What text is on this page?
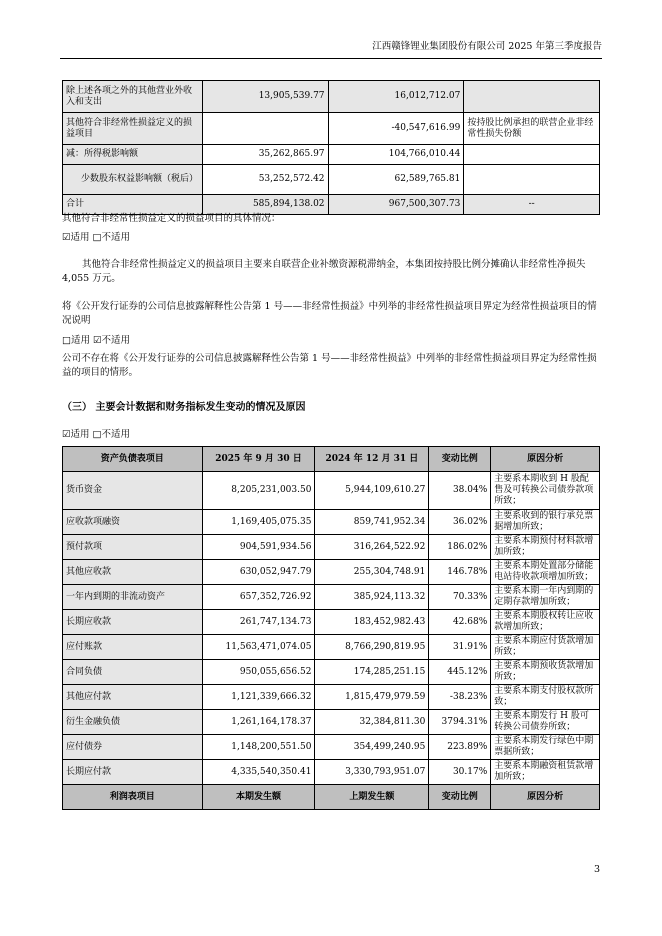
江西赣锋锂业集团股份有限公司 2025 年第三季度报告
除上述各项之外的其他营业外收入和支出	13,905,539.77	16,012,712.07	
其他符合非经常性损益定义的损益项目		-40,547,616.99	按持股比例承担的联营企业非经常性损失份额
减：所得税影响额	35,262,865.97	104,766,010.44	
少数股东权益影响额（税后）	53,252,572.42	62,589,765.81	
合计	585,894,138.02	967,500,307.73	--
其他符合非经常性损益定义的损益项目的具体情况：
☑适用 □不适用
其他符合非经常性损益定义的损益项目主要来自联营企业补缴资源税滞纳金，本集团按持股比例分摊确认非经常性净损失 4,055 万元。
将《公开发行证券的公司信息披露解释性公告第 1 号——非经常性损益》中列举的非经常性损益项目界定为经常性损益项目的情况说明
□适用 ☑不适用
公司不存在将《公开发行证券的公司信息披露解释性公告第 1 号——非经常性损益》中列举的非经常性损益项目界定为经常性损益的项目的情形。
（三） 主要会计数据和财务指标发生变动的情况及原因
☑适用 □不适用
资产负债表项目	2025 年 9 月 30 日	2024 年 12 月 31 日	变动比例	原因分析
货币资金	8,205,231,003.50	5,944,109,610.27	38.04%	主要系本期收到 H 股配售及可转换公司债券款项所致；
应收款项融资	1,169,405,075.35	859,741,952.34	36.02%	主要系收到的银行承兑票据增加所致；
预付款项	904,591,934.56	316,264,522.92	186.02%	主要系本期预付材料款增加所致；
其他应收款	630,052,947.79	255,304,748.91	146.78%	主要系本期处置部分储能电站待收款项增加所致；
一年内到期的非流动资产	657,352,726.92	385,924,113.32	70.33%	主要系本期一年内到期的定期存款增加所致；
长期应收款	261,747,134.73	183,452,982.43	42.68%	主要系本期股权转让应收款增加所致；
应付账款	11,563,471,074.05	8,766,290,819.95	31.91%	主要系本期应付货款增加所致；
合同负债	950,055,656.52	174,285,251.15	445.12%	主要系本期预收货款增加所致；
其他应付款	1,121,339,666.32	1,815,479,979.59	-38.23%	主要系本期支付股权款所致；
衍生金融负债	1,261,164,178.37	32,384,811.30	3794.31%	主要系本期发行 H 股可转换公司债券所致；
应付债券	1,148,200,551.50	354,499,240.95	223.89%	主要系本期发行绿色中期票据所致；
长期应付款	4,335,540,350.41	3,330,793,951.07	30.17%	主要系本期融资租赁款增加所致；
利润表项目	本期发生额	上期发生额	变动比例	原因分析
3
